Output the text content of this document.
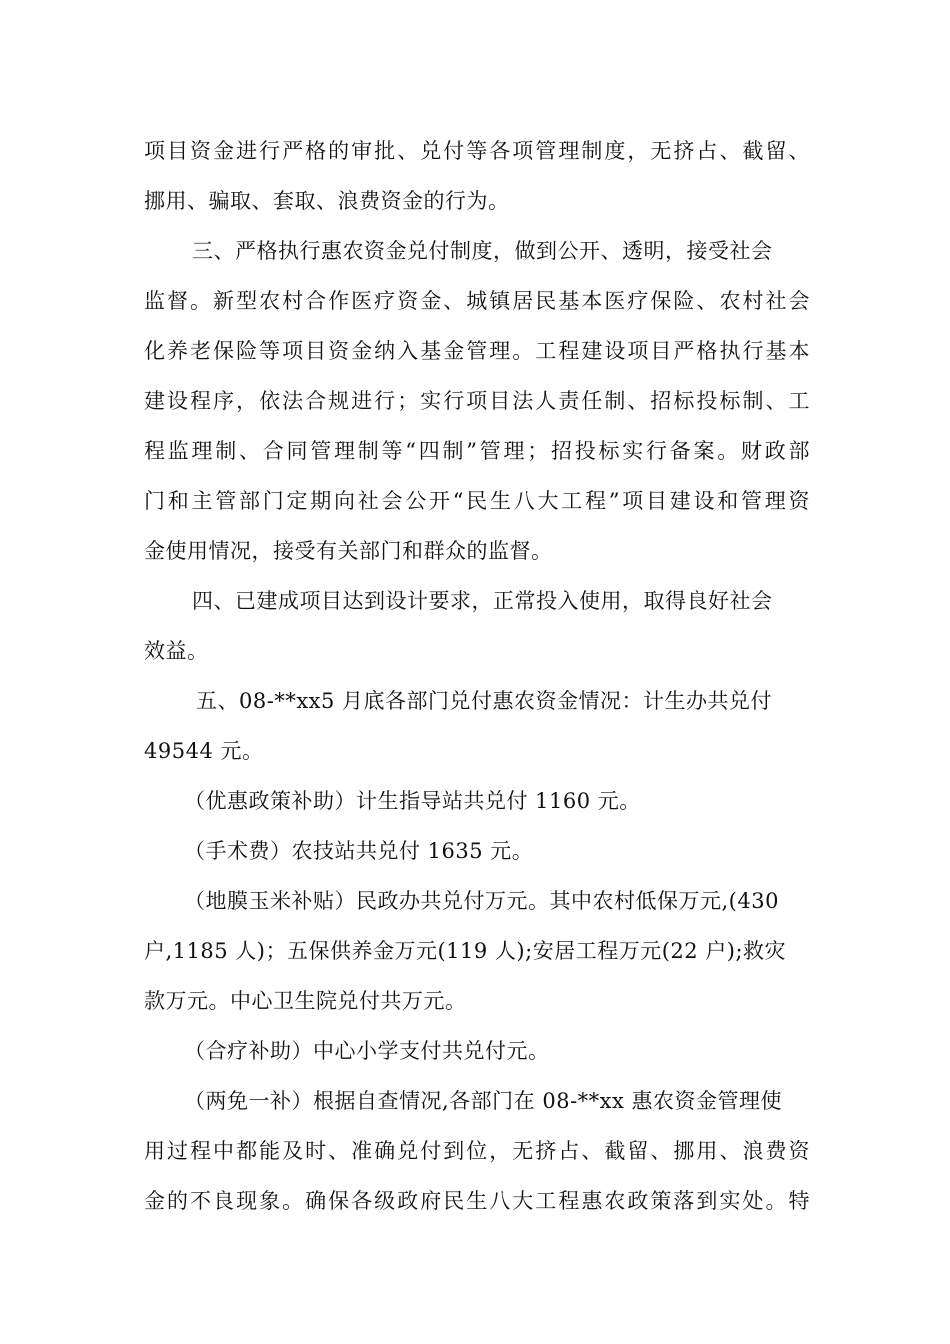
项目资金进行严格的审批、兑付等各项管理制度，无挤占、截留、
挪用、骗取、套取、浪费资金的行为。
三、严格执行惠农资金兑付制度，做到公开、透明，接受社会
监督。新型农村合作医疗资金、城镇居民基本医疗保险、农村社会
化养老保险等项目资金纳入基金管理。工程建设项目严格执行基本
建设程序，依法合规进行；实行项目法人责任制、招标投标制、工
程监理制、合同管理制等“四制”管理；招投标实行备案。财政部
门和主管部门定期向社会公开“民生八大工程”项目建设和管理资
金使用情况，接受有关部门和群众的监督。
四、已建成项目达到设计要求，正常投入使用，取得良好社会
效益。
五、08-**xx5 月底各部门兑付惠农资金情况：计生办共兑付
49544 元。
（优惠政策补助）计生指导站共兑付 1160 元。
（手术费）农技站共兑付 1635 元。
（地膜玉米补贴）民政办共兑付万元。其中农村低保万元,(430
户,1185 人)；五保供养金万元(119 人);安居工程万元(22 户);救灾
款万元。中心卫生院兑付共万元。
（合疗补助）中心小学支付共兑付元。
（两免一补）根据自查情况,各部门在 08-**xx 惠农资金管理使
用过程中都能及时、准确兑付到位，无挤占、截留、挪用、浪费资
金的不良现象。确保各级政府民生八大工程惠农政策落到实处。特
